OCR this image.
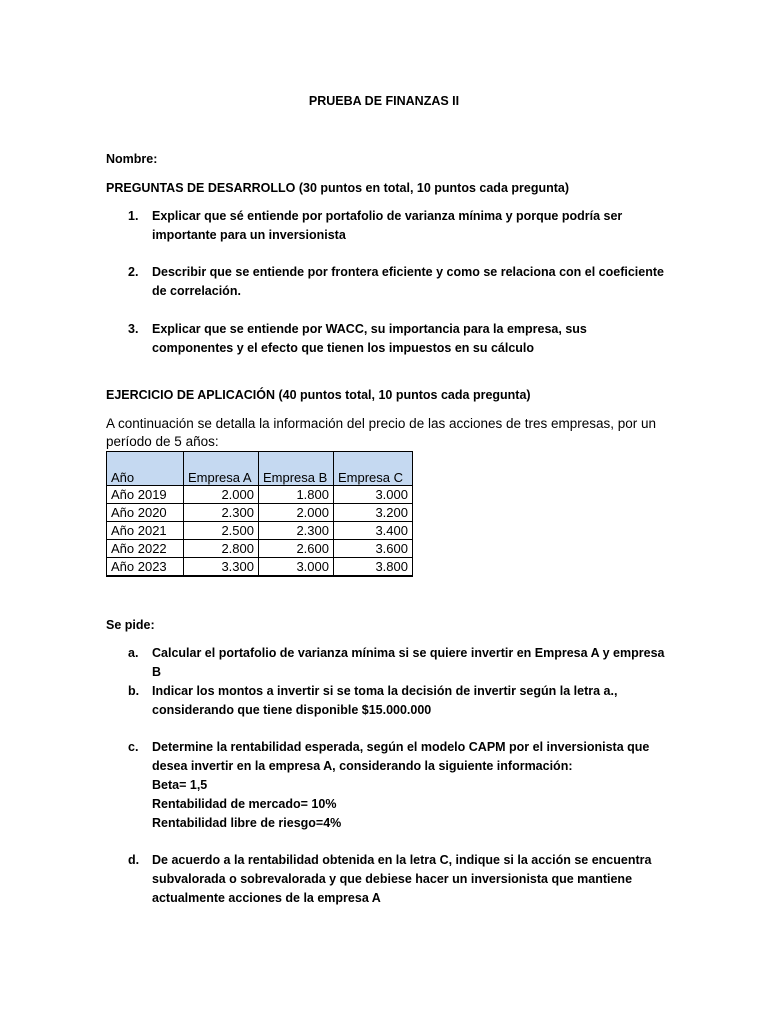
PRUEBA DE FINANZAS II
Nombre:
PREGUNTAS DE DESARROLLO (30 puntos en total, 10 puntos cada pregunta)
1. Explicar que sé entiende por portafolio de varianza mínima y porque podría ser importante para un inversionista
2. Describir que se entiende por frontera eficiente y como se relaciona con el coeficiente de correlación.
3. Explicar que se entiende por WACC, su importancia para la empresa, sus componentes y el efecto que tienen los impuestos en su cálculo
EJERCICIO DE APLICACIÓN (40 puntos total, 10 puntos cada pregunta)
A continuación se detalla la información del precio de las acciones de tres empresas, por un período de 5 años:
Año	Empresa A	Empresa B	Empresa C
Año 2019	2.000	1.800	3.000
Año 2020	2.300	2.000	3.200
Año 2021	2.500	2.300	3.400
Año 2022	2.800	2.600	3.600
Año 2023	3.300	3.000	3.800
Se pide:
a. Calcular el portafolio de varianza mínima si se quiere invertir en Empresa A y empresa B
b. Indicar los montos a invertir si se toma la decisión de invertir según la letra a., considerando que tiene disponible $15.000.000
c. Determine la rentabilidad esperada, según el modelo CAPM por el inversionista que desea invertir en la empresa A, considerando la siguiente información:
Beta= 1,5
Rentabilidad de mercado= 10%
Rentabilidad libre de riesgo=4%
d. De acuerdo a la rentabilidad obtenida en la letra C, indique si la acción se encuentra subvalorada o sobrevalorada y que debiese hacer un inversionista que mantiene actualmente acciones de la empresa A
